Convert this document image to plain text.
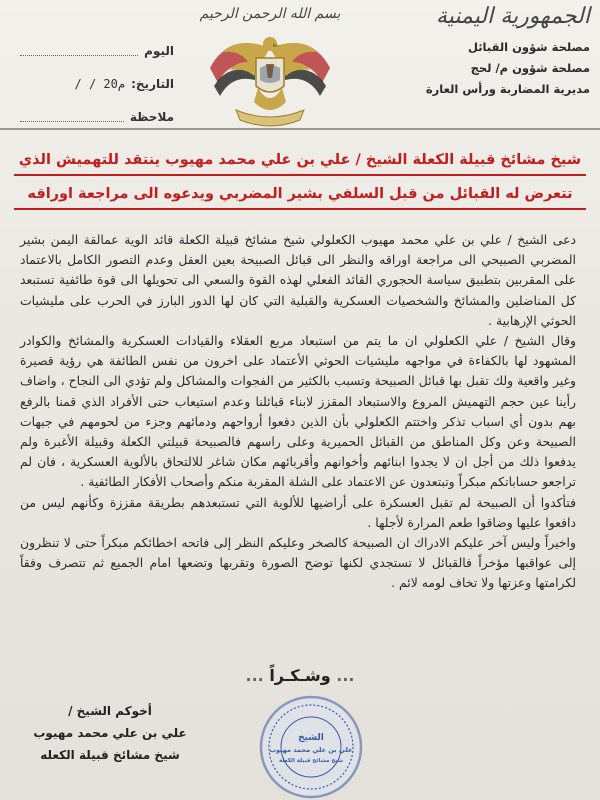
الجمهورية اليمنية
مصلحة شؤون القبائل
مصلحة شؤون م/ لحج
مديرية المضاربة ورأس العارة
بسم الله الرحمن الرحيم
اليوم
التاريخ:
/ / 20م
ملاحظة
شيخ مشائخ قبيلة الكعلة الشيخ / علي بن علي محمد مهيوب ينتقد للتهميش الذي
تتعرض له القبائل من قبل السلفي بشير المضربي ويدعوه الى مراجعة اوراقه

دعى الشيخ / علي بن علي محمد مهيوب الكعلولي شيخ مشائخ قبيلة الكعلة قائد الوية عمالقة اليمن بشير المضربي الصبيحي الى مراجعة اوراقه والنظر الى قبائل الصبيحة بعين العقل وعدم التصور الكامل بالاعتماد على المقربين بتطبيق سياسة الحجوري القائد الفعلي لهذه القوة والسعي الى تحويلها الى قوة طائفية تستبعد كل المناضلين والمشائخ والشخصيات العسكرية والقبلية التي كان لها الدور البارز في الحرب على مليشيات الحوثي الإرهابية .

وقال الشيخ / علي الكعلولي ان ما يتم من استبعاد مربع العقلاء والقيادات العسكرية والمشائخ والكوادر المشهود لها بالكفاءة في مواجهه مليشيات الحوثي الأعتماد على اخرون من نفس الطائفة هي رؤية قصيرة وغير واقعية ولك تقبل بها قبائل الصبيحة وتسبب بالكثير من الفجوات والمشاكل ولم تؤدي الى النجاح ، واضاف رأينا عين حجم التهميش المروع والاستبعاد المقزز لابناء قبائلنا وعدم استيعاب حتى الأفراد الذي قمنا بالرفع بهم بدون أي اسباب تذكر واختتم الكعلولي بأن الذين دفعوا أرواحهم ودمائهم وجزء من لحومهم في جبهات الصبيحة وعن وكل المناطق من القبائل الحميرية وعلى راسهم فالصبيحة قبيلتي الكعلة وقبيلة الأغبرة ولم يدفعوا ذلك من أجل ان لا يجدوا ابنائهم وأخوانهم وأقربائهم مكان شاغر للالتحاق بالألوية العسكرية ، فان لم تراجعو حساباتكم مبكراً وتبتعدون عن الاعتماد على الشلة المقربة منكم وأصحاب الأفكار الطائفية .

فتأكدوا أن الصبيحة لم تقبل العسكرة على أراضيها للألوية التي تستبعدهم بطريقة مقززة وكأنهم ليس من دافعوا عليها وضاقوا طعم المرارة لأجلها .

واخيراً وليس آخر عليكم الادراك ان الصبيحة كالصخر وعليكم النظر إلى فاتحه اخطائكم مبكراً حتى لا تنظرون إلى عواقبها مؤخراً فالقبائل لا تستجدي لكنها توضح الصورة وتقربها وتضعها امام الجميع ثم تتصرف وفقاً لكرامتها وعزتها ولا تخاف لومه لائم .

... وشـكـراً ...
أخوكم الشيخ /
علي بن علي محمد مهيوب
شيخ مشائخ قبيلة الكعله
الشيخ
علي بن علي محمد مهيوب
شيخ مشائخ قبيلة الكعلة
